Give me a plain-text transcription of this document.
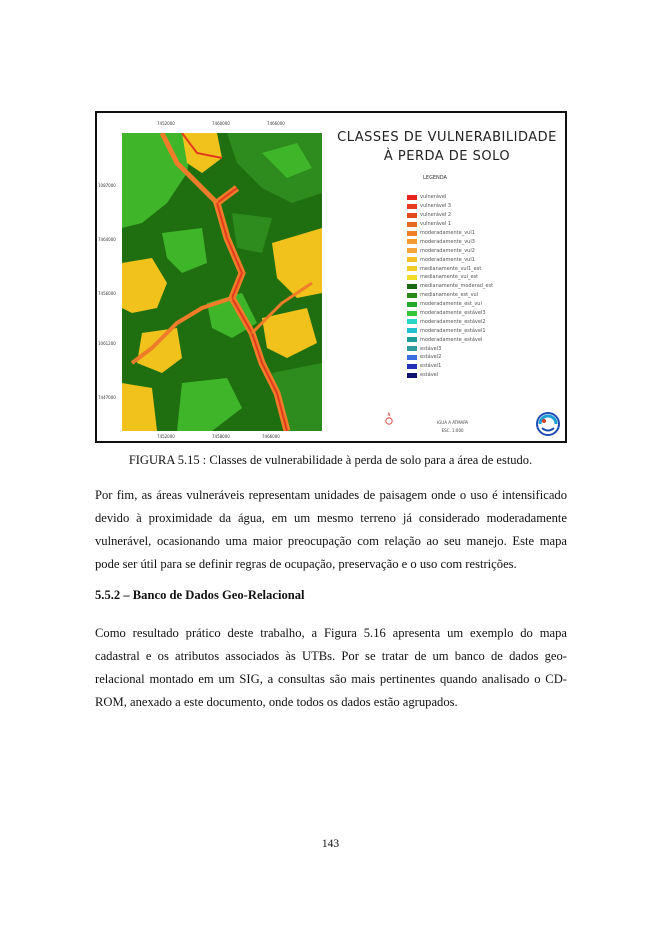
7452000	7460000	7466000
7452000	7458000	7466000
1087000
7464000
7456000
1061200
7447000
CLASSES DE VULNERABILIDADE
À PERDA DE SOLO
LEGENDA
vulnerável
vulnerável 3
vulnerável 2
vulnerável 1
moderadamente_vul1
moderadamente_vul3
moderadamente_vul2
moderadamente_vul1
medianamente_vul1_est
medianamente_vul_est
medianamente_moderad_est
medianamente_est_vul
moderadamente_est_vul
moderadamente_estável3
moderadamente_estável2
moderadamente_estável1
moderadamente_estável
estável3
estável2
estável1
estável
N
IGUA A ATMAPA
ESC. 1:000
FIGURA 5.15 : Classes de vulnerabilidade à perda de solo para a área de estudo.

Por fim, as áreas vulneráveis representam unidades de paisagem onde o uso é intensificado devido à proximidade da água, em um mesmo terreno já considerado moderadamente vulnerável, ocasionando uma maior preocupação com relação ao seu manejo. Este mapa pode ser útil para se definir regras de ocupação, preservação e o uso com restrições.

5.5.2 – Banco de Dados Geo-Relacional

Como resultado prático deste trabalho, a Figura 5.16 apresenta um exemplo do mapa cadastral e os atributos associados às UTBs. Por se tratar de um banco de dados geo-relacional montado em um SIG, a consultas são mais pertinentes quando analisado o CD-ROM, anexado a este documento, onde todos os dados estão agrupados.

143
